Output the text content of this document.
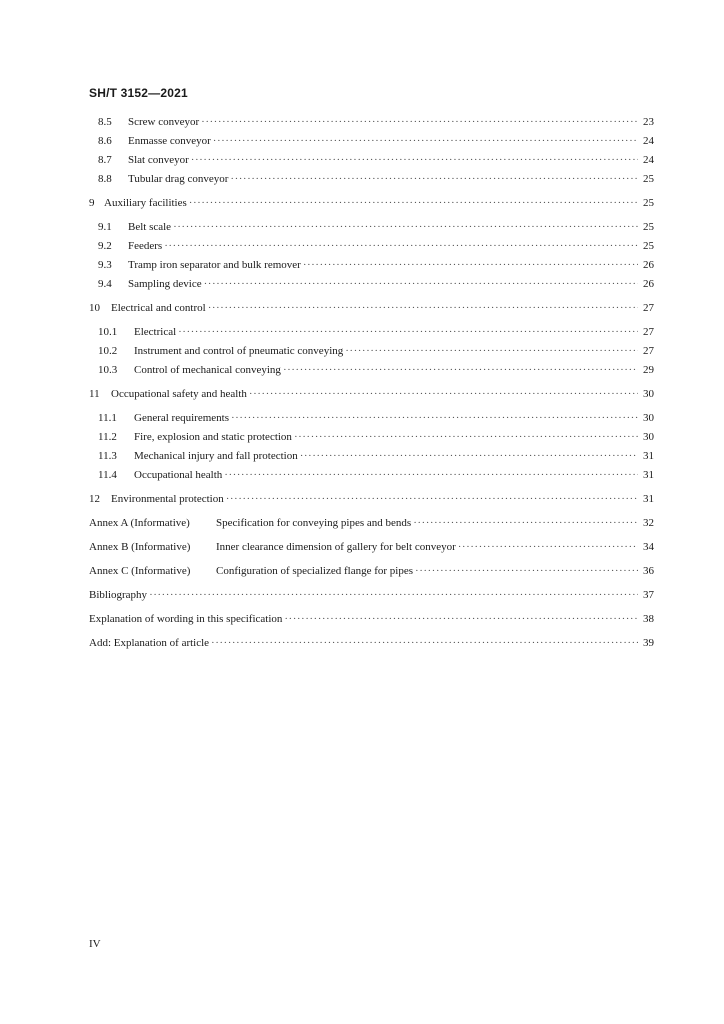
SH/T 3152—2021
8.5	Screw conveyor ·····	23
8.6	Enmasse conveyor ·····	24
8.7	Slat conveyor ·····	24
8.8	Tubular drag conveyor ·····	25
9 Auxiliary facilities ·····	25
9.1	Belt scale ·····	25
9.2	Feeders ·····	25
9.3	Tramp iron separator and bulk remover ·····	26
9.4	Sampling device ·····	26
10	Electrical and control ·····	27
10.1	Electrical ·····	27
10.2	Instrument and control of pneumatic conveying ·····	27
10.3	Control of mechanical conveying ·····	29
11	Occupational safety and health ·····	30
11.1	General requirements ·····	30
11.2	Fire, explosion and static protection ·····	30
11.3	Mechanical injury and fall protection ·····	31
11.4	Occupational health ·····	31
12	Environmental protection ·····	31
Annex A (Informative)	Specification for conveying pipes and bends ·····	32
Annex B (Informative)	Inner clearance dimension of gallery for belt conveyor ·····	34
Annex C (Informative)	Configuration of specialized flange for pipes ·····	36
Bibliography ·····	37
Explanation of wording in this specification ·····	38
Add: Explanation of article ·····	39
IV
